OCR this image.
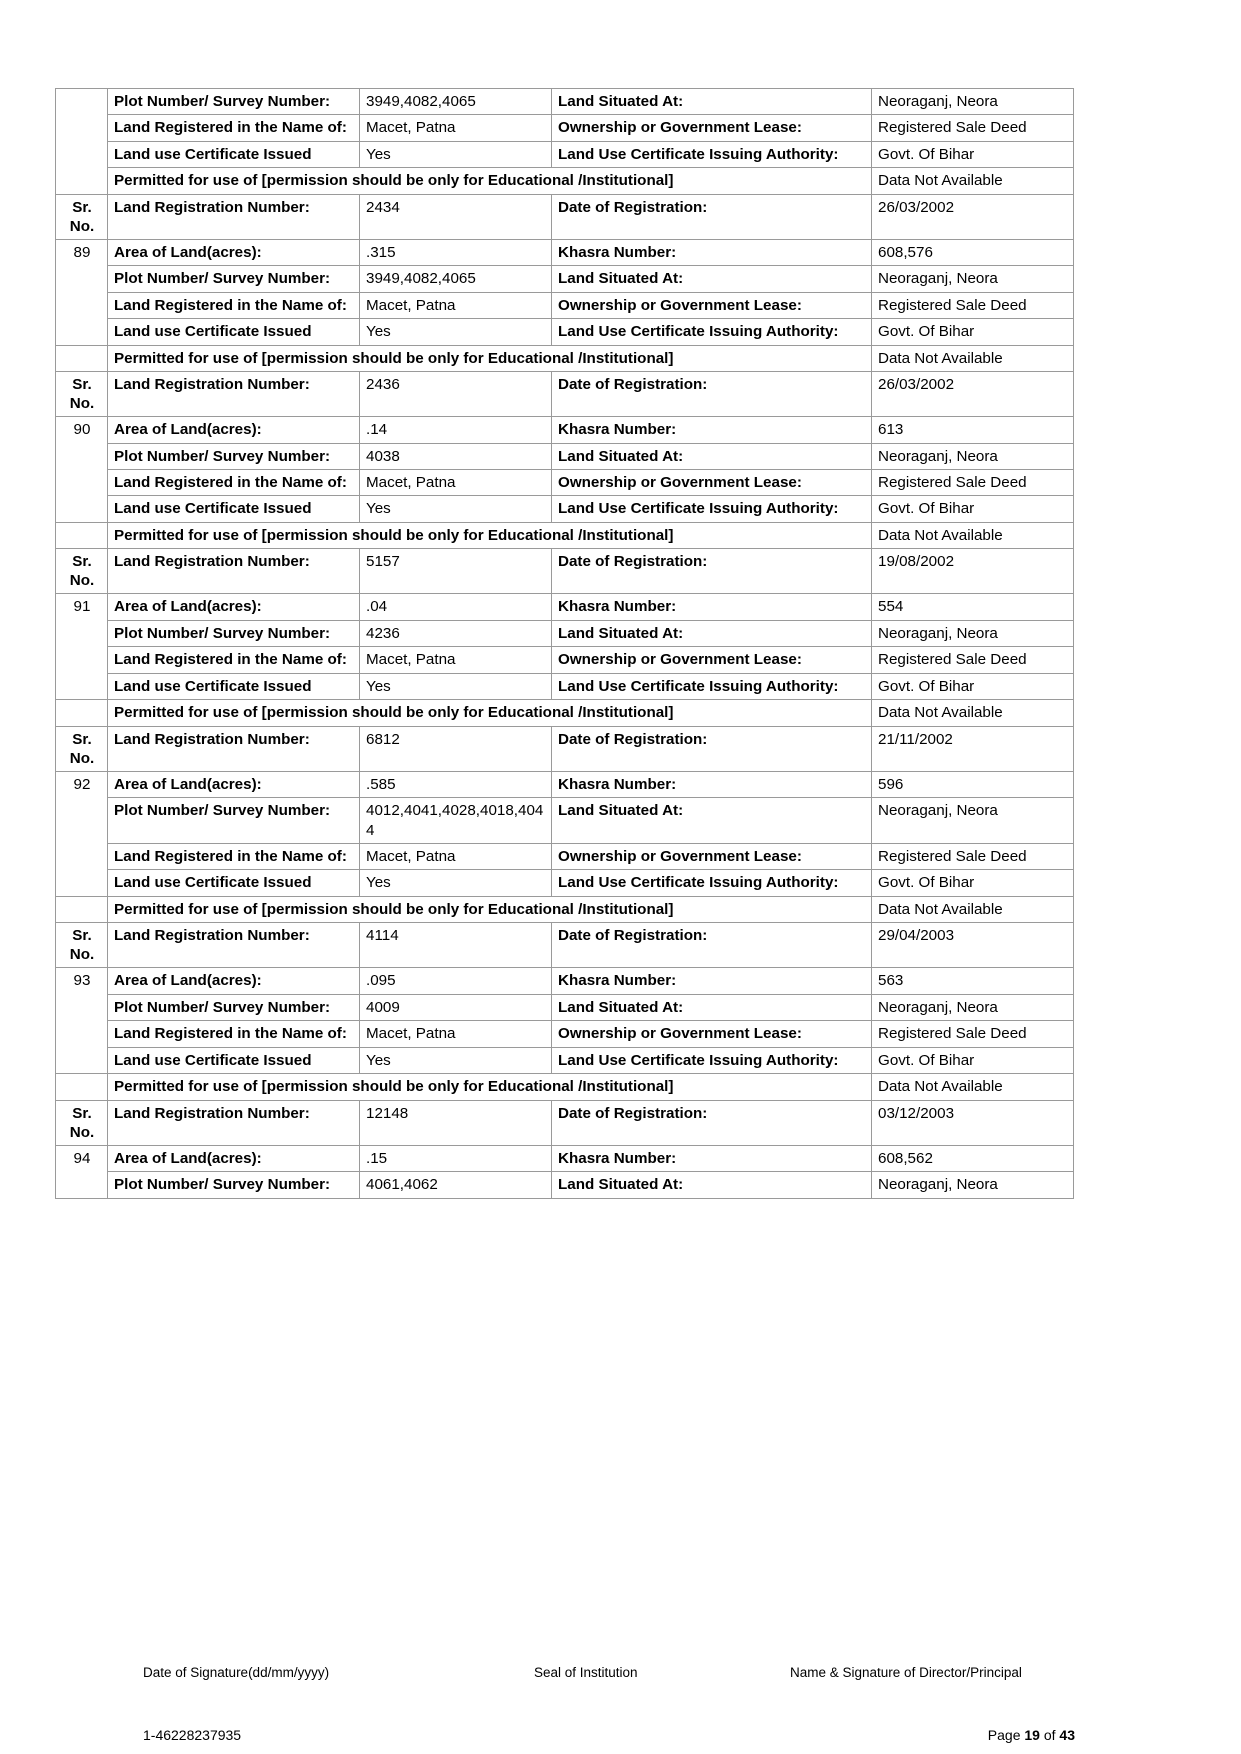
	Plot Number/ Survey Number:	3949,4082,4065	Land Situated At:	Neoraganj, Neora
	Land Registered in the Name of:	Macet, Patna	Ownership or Government Lease:	Registered Sale Deed
	Land use Certificate Issued	Yes	Land Use Certificate Issuing Authority:	Govt. Of Bihar
	Permitted for use of [permission should be only for Educational /Institutional]			Data Not Available

Sr.
No.	Land Registration Number:	2434	Date of Registration:	26/03/2002
89	Area of Land(acres):	.315	Khasra Number:	608,576
	Plot Number/ Survey Number:	3949,4082,4065	Land Situated At:	Neoraganj, Neora
	Land Registered in the Name of:	Macet, Patna	Ownership or Government Lease:	Registered Sale Deed
	Land use Certificate Issued	Yes	Land Use Certificate Issuing Authority:	Govt. Of Bihar
	Permitted for use of [permission should be only for Educational /Institutional]			Data Not Available

Sr.
No.	Land Registration Number:	2436	Date of Registration:	26/03/2002
90	Area of Land(acres):	.14	Khasra Number:	613
	Plot Number/ Survey Number:	4038	Land Situated At:	Neoraganj, Neora
	Land Registered in the Name of:	Macet, Patna	Ownership or Government Lease:	Registered Sale Deed
	Land use Certificate Issued	Yes	Land Use Certificate Issuing Authority:	Govt. Of Bihar
	Permitted for use of [permission should be only for Educational /Institutional]			Data Not Available

Sr.
No.	Land Registration Number:	5157	Date of Registration:	19/08/2002
91	Area of Land(acres):	.04	Khasra Number:	554
	Plot Number/ Survey Number:	4236	Land Situated At:	Neoraganj, Neora
	Land Registered in the Name of:	Macet, Patna	Ownership or Government Lease:	Registered Sale Deed
	Land use Certificate Issued	Yes	Land Use Certificate Issuing Authority:	Govt. Of Bihar
	Permitted for use of [permission should be only for Educational /Institutional]			Data Not Available

Sr.
No.	Land Registration Number:	6812	Date of Registration:	21/11/2002
92	Area of Land(acres):	.585	Khasra Number:	596
	Plot Number/ Survey Number:	4012,4041,4028,4018,4044	Land Situated At:	Neoraganj, Neora
	Land Registered in the Name of:	Macet, Patna	Ownership or Government Lease:	Registered Sale Deed
	Land use Certificate Issued	Yes	Land Use Certificate Issuing Authority:	Govt. Of Bihar
	Permitted for use of [permission should be only for Educational /Institutional]			Data Not Available

Sr.
No.	Land Registration Number:	4114	Date of Registration:	29/04/2003
93	Area of Land(acres):	.095	Khasra Number:	563
	Plot Number/ Survey Number:	4009	Land Situated At:	Neoraganj, Neora
	Land Registered in the Name of:	Macet, Patna	Ownership or Government Lease:	Registered Sale Deed
	Land use Certificate Issued	Yes	Land Use Certificate Issuing Authority:	Govt. Of Bihar
	Permitted for use of [permission should be only for Educational /Institutional]			Data Not Available

Sr.
No.	Land Registration Number:	12148	Date of Registration:	03/12/2003
94	Area of Land(acres):	.15	Khasra Number:	608,562
	Plot Number/ Survey Number:	4061,4062	Land Situated At:	Neoraganj, Neora
Date of Signature(dd/mm/yyyy)	Seal of Institution	Name & Signature of Director/Principal
1-46228237935	Page 19 of 43
